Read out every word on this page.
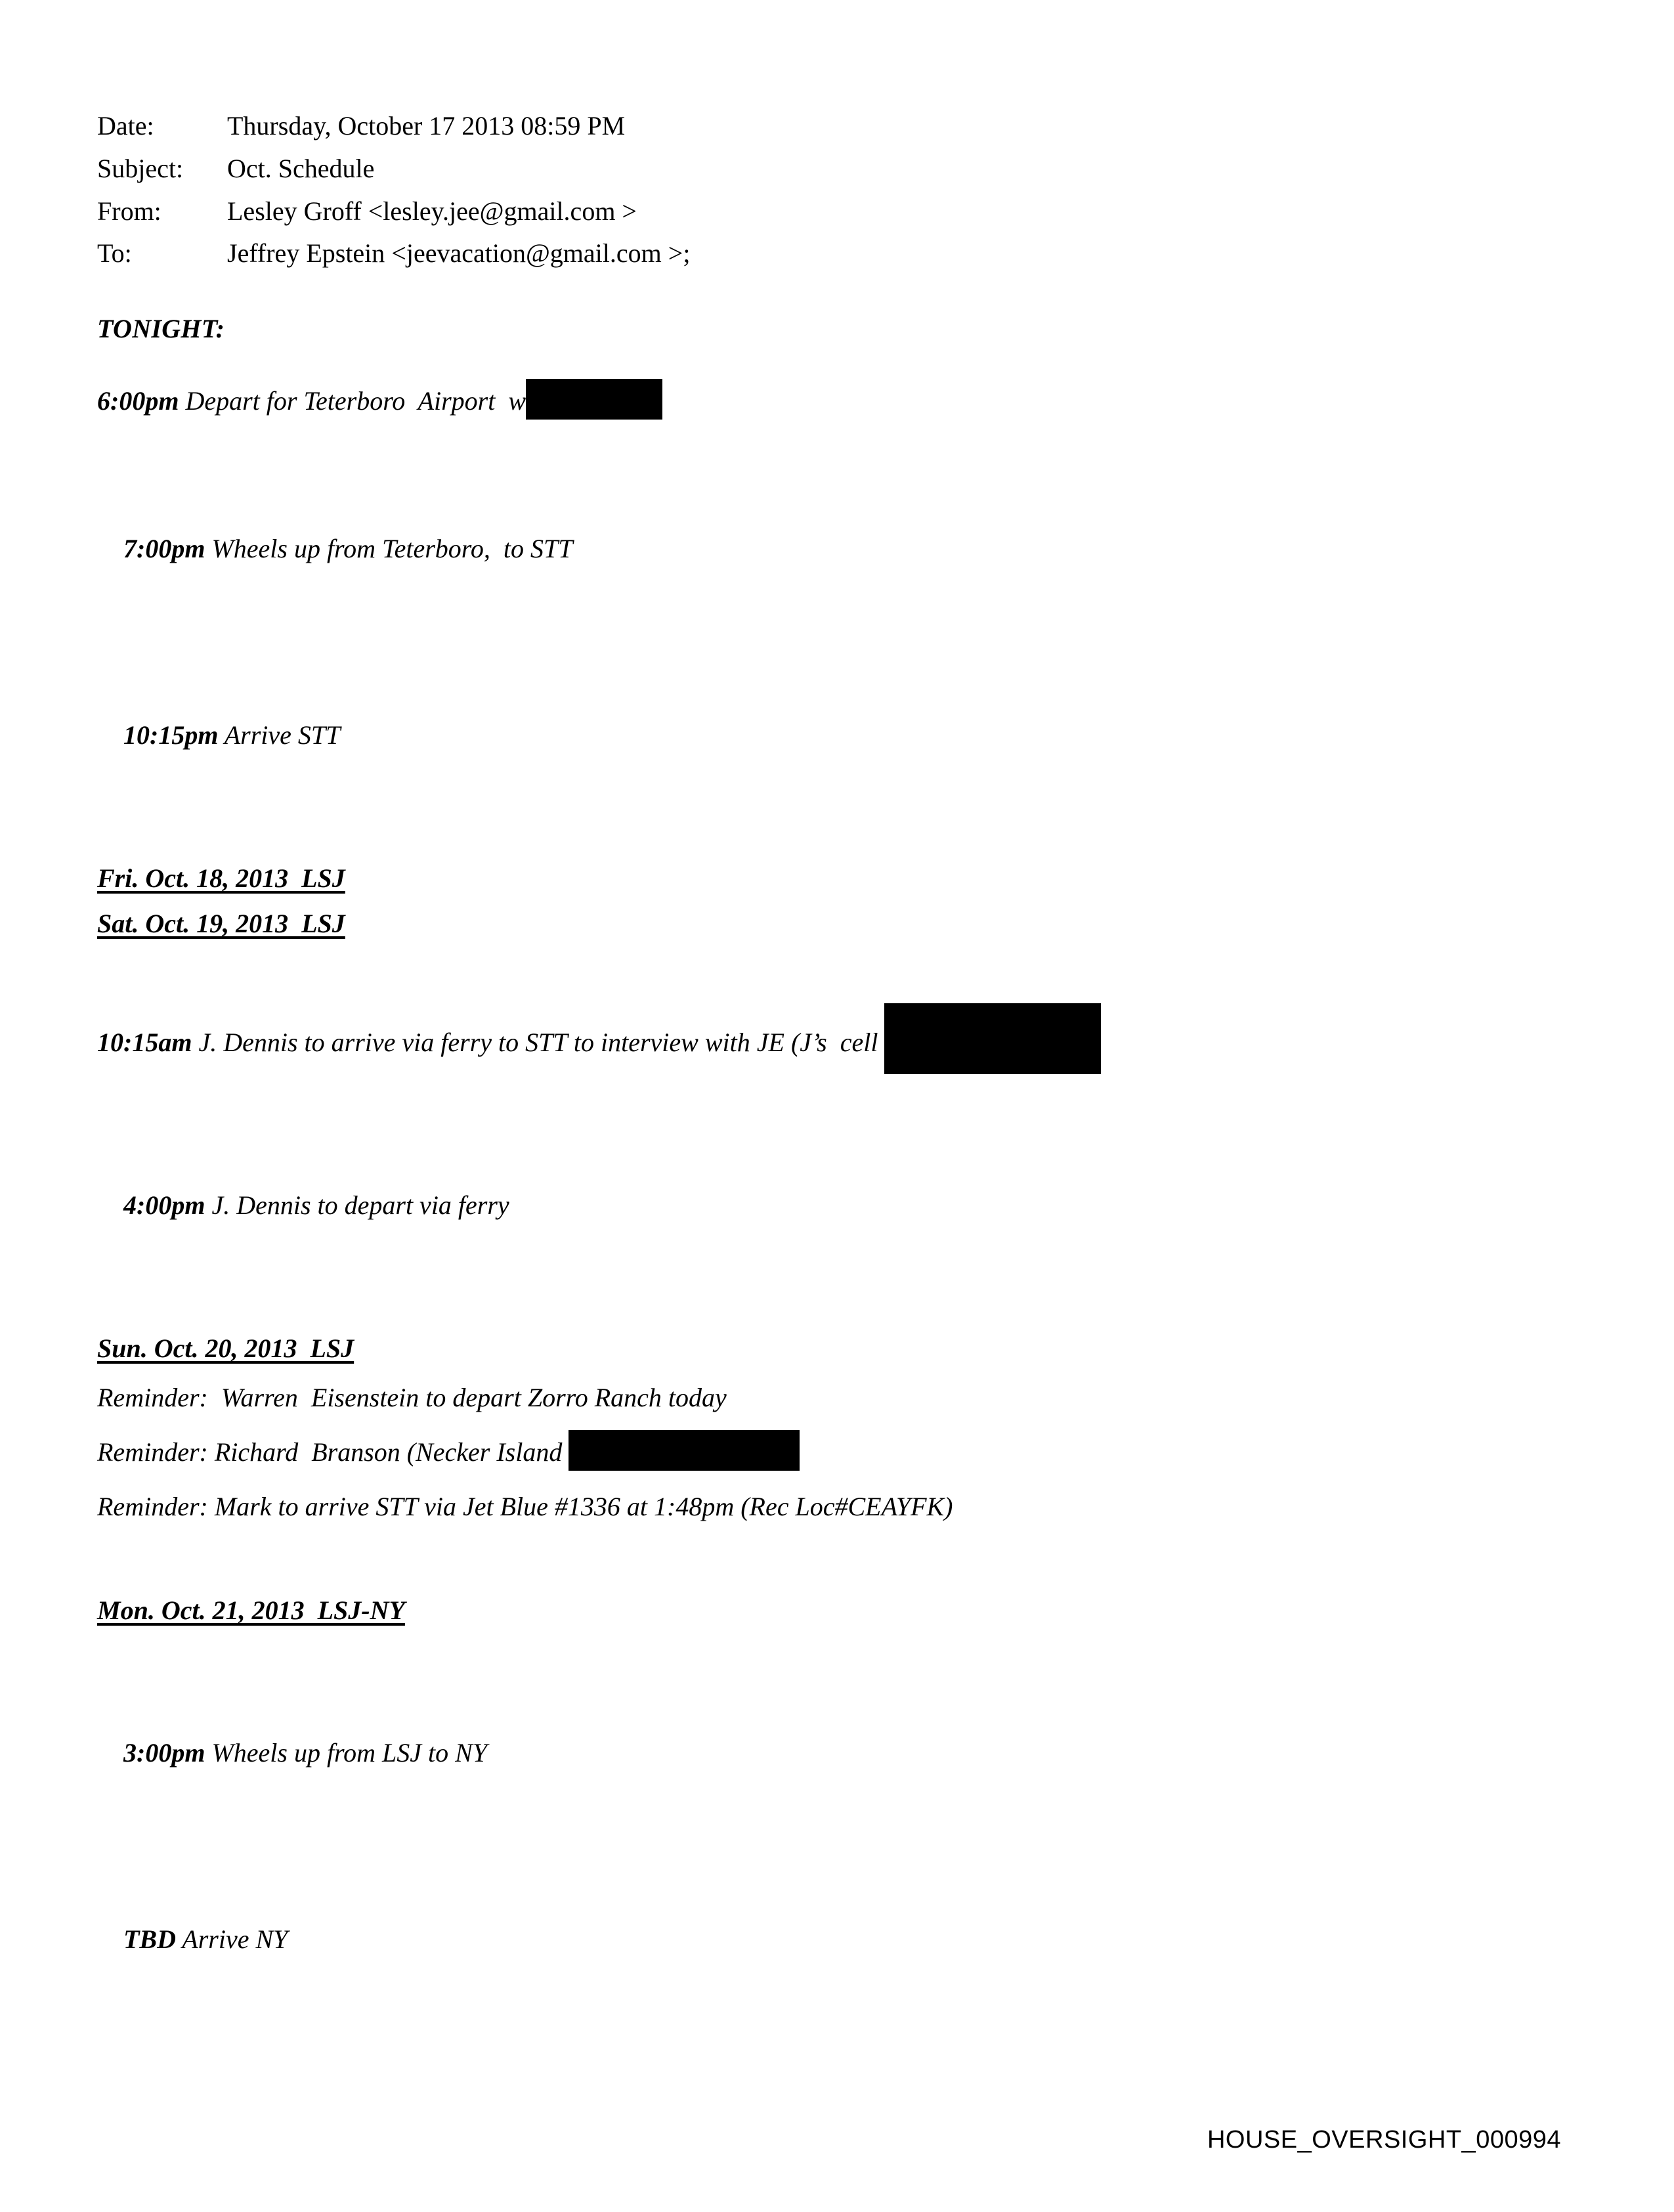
Date:	Thursday, October 17 2013 08:59 PM
Subject:	Oct. Schedule
From:	Lesley Groff <lesley.jee@gmail.com >
To:	Jeffrey Epstein <jeevacation@gmail.com >;
TONIGHT:
6:00pm Depart for Teterboro  Airport  w

7:00pm Wheels up from Teterboro,  to STT

10:15pm Arrive STT

Fri. Oct. 18, 2013  LSJ
Sat. Oct. 19, 2013  LSJ
10:15am J. Dennis to arrive via ferry to STT to interview with JE (J’s  cell

4:00pm J. Dennis to depart via ferry

Sun. Oct. 20, 2013  LSJ
Reminder:  Warren  Eisenstein to depart Zorro Ranch today
Reminder: Richard  Branson (Necker Island
Reminder: Mark to arrive STT via Jet Blue #1336 at 1:48pm (Rec Loc#CEAYFK)
Mon. Oct. 21, 2013  LSJ-NY

3:00pm Wheels up from LSJ to NY

TBD Arrive NY

HOUSE_OVERSIGHT_000994
